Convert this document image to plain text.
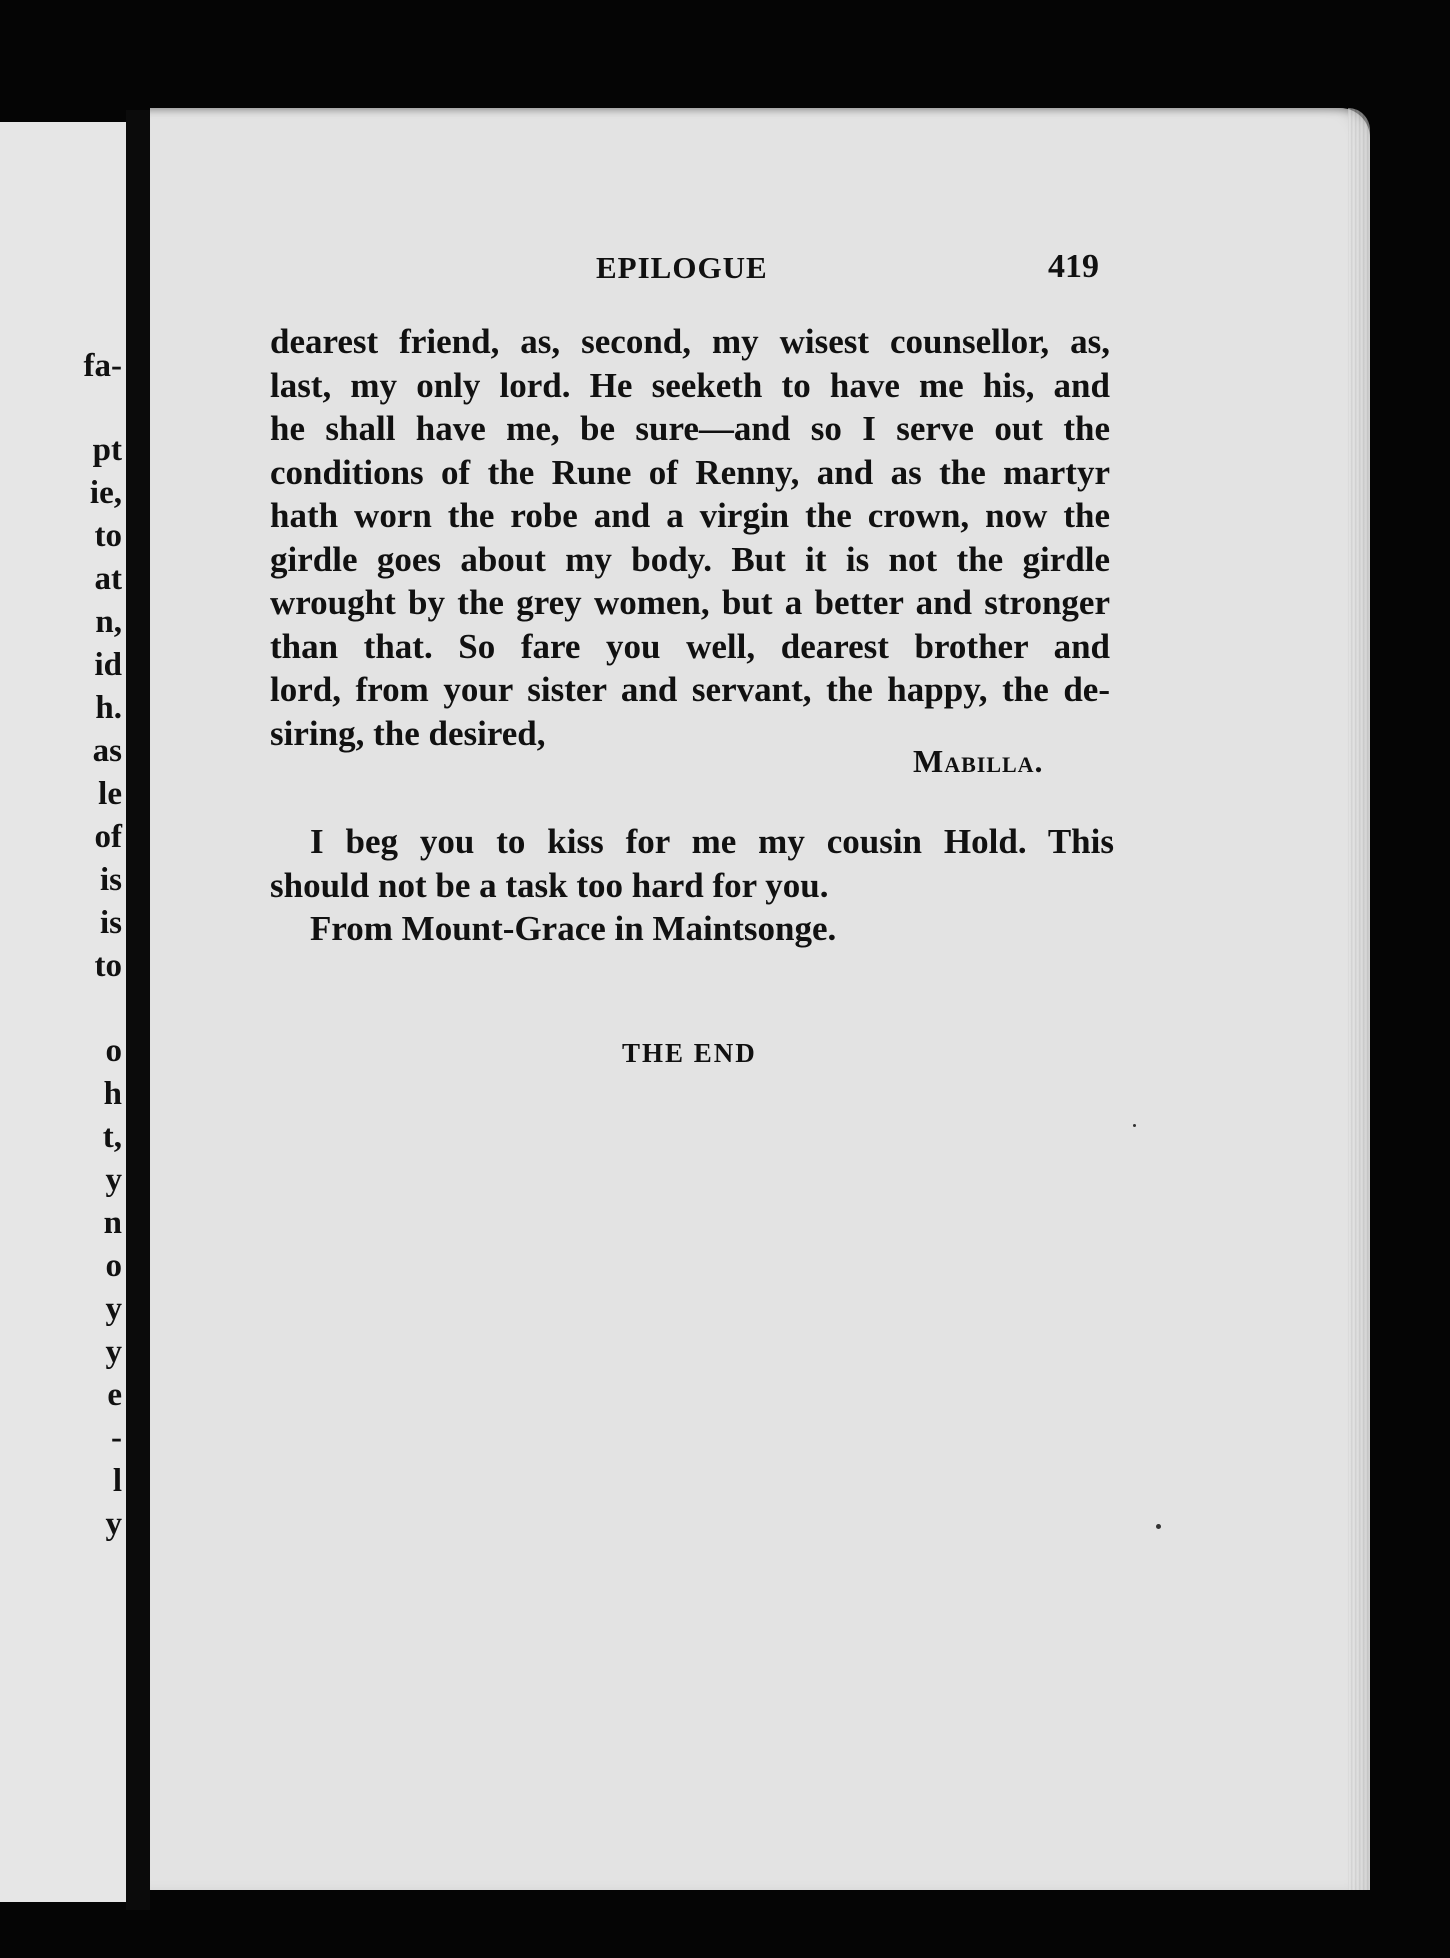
fa-
pt
ie,
to
at
n,
id
h.
as
le
of
is
is
to
o
h
t,
y
n
o
y
y
e
-
l
y
EPILOGUE	419
dearest friend, as, second, my wisest counsellor, as,
last, my only lord. He seeketh to have me his, and
he shall have me, be sure—and so I serve out the
conditions of the Rune of Renny, and as the martyr
hath worn the robe and a virgin the crown, now the
girdle goes about my body. But it is not the girdle
wrought by the grey women, but a better and stronger
than that. So fare you well, dearest brother and
lord, from your sister and servant, the happy, the de-
siring, the desired,
Mabilla.
I beg you to kiss for me my cousin Hold. This
should not be a task too hard for you.
From Mount-Grace in Maintsonge.
THE END
